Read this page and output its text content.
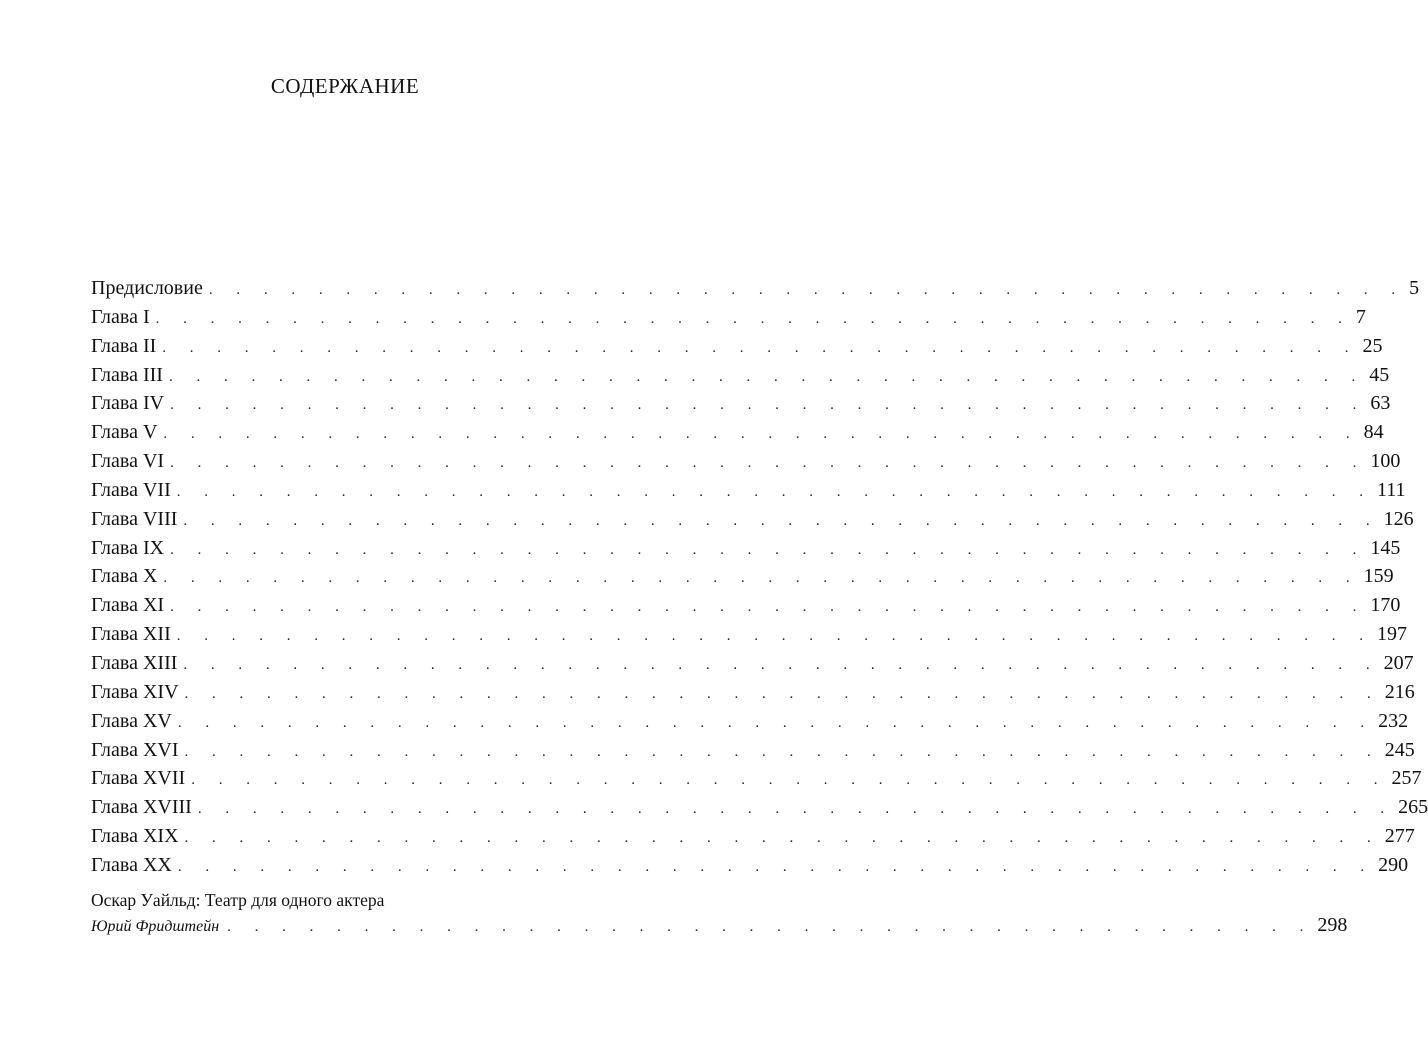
СОДЕРЖАНИЕ
Предисловие . . . . . . . . . . . . . . . . . . . . . . . . . . . . . . . . . . . . . . . . . . . . 5
Глава I . . . . . . . . . . . . . . . . . . . . . . . . . . . . . . . . . . . . . . . . . . . . 7
Глава II . . . . . . . . . . . . . . . . . . . . . . . . . . . . . . . . . . . . . . . . . . . . 25
Глава III . . . . . . . . . . . . . . . . . . . . . . . . . . . . . . . . . . . . . . . . . . . . 45
Глава IV . . . . . . . . . . . . . . . . . . . . . . . . . . . . . . . . . . . . . . . . . . . . 63
Глава V . . . . . . . . . . . . . . . . . . . . . . . . . . . . . . . . . . . . . . . . . . . . 84
Глава VI . . . . . . . . . . . . . . . . . . . . . . . . . . . . . . . . . . . . . . . . . . . . 100
Глава VII . . . . . . . . . . . . . . . . . . . . . . . . . . . . . . . . . . . . . . . . . . . . 111
Глава VIII . . . . . . . . . . . . . . . . . . . . . . . . . . . . . . . . . . . . . . . . . . . . 126
Глава IX . . . . . . . . . . . . . . . . . . . . . . . . . . . . . . . . . . . . . . . . . . . . 145
Глава X . . . . . . . . . . . . . . . . . . . . . . . . . . . . . . . . . . . . . . . . . . . . 159
Глава XI . . . . . . . . . . . . . . . . . . . . . . . . . . . . . . . . . . . . . . . . . . . . 170
Глава XII . . . . . . . . . . . . . . . . . . . . . . . . . . . . . . . . . . . . . . . . . . . . 197
Глава XIII . . . . . . . . . . . . . . . . . . . . . . . . . . . . . . . . . . . . . . . . . . . . 207
Глава XIV . . . . . . . . . . . . . . . . . . . . . . . . . . . . . . . . . . . . . . . . . . . . 216
Глава XV . . . . . . . . . . . . . . . . . . . . . . . . . . . . . . . . . . . . . . . . . . . . 232
Глава XVI . . . . . . . . . . . . . . . . . . . . . . . . . . . . . . . . . . . . . . . . . . . . 245
Глава XVII . . . . . . . . . . . . . . . . . . . . . . . . . . . . . . . . . . . . . . . . . . . . 257
Глава XVIII . . . . . . . . . . . . . . . . . . . . . . . . . . . . . . . . . . . . . . . . . . . . 265
Глава XIX . . . . . . . . . . . . . . . . . . . . . . . . . . . . . . . . . . . . . . . . . . . . 277
Глава XX . . . . . . . . . . . . . . . . . . . . . . . . . . . . . . . . . . . . . . . . . . . . 290
Оскар Уайльд: Театр для одного актера
Юрий Фридштейн . . . . . . . . . . . . . . . . . . . . . . . . . . . . . . . . . . . . . . . . 298
